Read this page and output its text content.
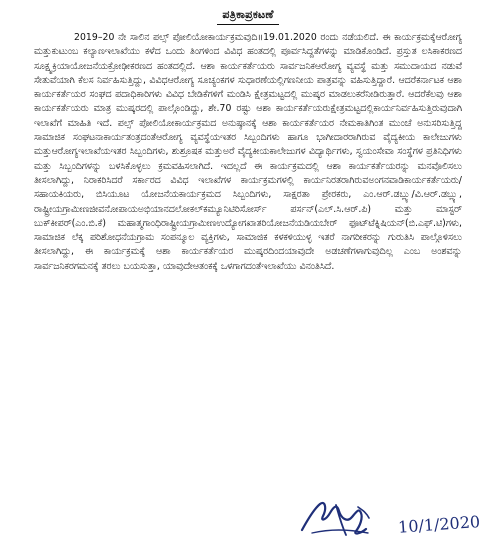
ಪತ್ರಿಕಾಪ್ರಕಟಣೆ

2019–20 ನೇ ಸಾಲಿನ ಪಲ್ಸ್ ಪೋಲಿಯೋಕಾರ್ಯಕ್ರಮವುದಿ॥19.01.2020 ರಂದು ನಡೆಯಲಿದೆ. ಈ ಕಾರ್ಯಕ್ರಮಕ್ಕೆಆರೋಗ್ಯ ಮತ್ತುಕುಟುಂಬ ಕಲ್ಯಾಣಇಲಾಖೆಯು ಕಳೆದ ಒಂದು ತಿಂಗಳಿಂದ ವಿವಿಧ ಹಂತದಲ್ಲಿ ಪೂರ್ವಸಿದ್ದತೆಗಳನ್ನು ಮಾಡಿಕೊಂಡಿದೆ. ಪ್ರಸ್ತುತ ಲಸಿಕಾಕರಣದ ಸೂಕ್ಷ್ಮಕ್ರಿಯಾಯೋಜನೆಯಕ್ರೋಢೀಕರಣದ ಹಂತದಲ್ಲಿದೆ. ಆಶಾ ಕಾರ್ಯಕರ್ತೆಯರು ಸಾರ್ವಜನಿಕಆರೋಗ್ಯ ವ್ಯವಸ್ಥೆ ಮತ್ತು ಸಮುದಾಯದ ನಡುವೆ ಸೇತುವೆಯಾಗಿ ಕೆಲಸ ನಿರ್ವಹಿಸುತ್ತಿದ್ದು, ವಿವಿಧಆರೋಗ್ಯ ಸೂಚ್ಯಂಕಗಳ ಸುಧಾರಣೆಯಲ್ಲಿಗಣನೀಯ ಪಾತ್ರವನ್ನು ವಹಿಸುತ್ತಿದ್ದಾರೆ. ಆದರೆಕರ್ನಾಟಕ ಆಶಾ ಕಾರ್ಯಕರ್ತೆಯರ ಸಂಘದ ಪದಾಧಿಕಾರಿಗಳು ವಿವಿಧ ಬೇಡಿಕೆಗಳಿಗೆ ಮಂಡಿಸಿ ಕ್ಷೇತ್ರಮಟ್ಟದಲ್ಲಿ ಮುಷ್ಕರ ಮಾಡಲುಕರೆನೀಡಿರುತ್ತಾರೆ. ಆದರೆಕೆಲವು ಆಶಾ ಕಾರ್ಯಕರ್ತೆಯರು ಮಾತ್ರ ಮುಷ್ಕರದಲ್ಲಿ ಪಾಲ್ಗೊಂಡಿದ್ದು, ಶೇ.70 ರಷ್ಟು ಆಶಾ ಕಾರ್ಯಕರ್ತೆಯರುಕ್ಷೇತ್ರಮಟ್ಟದಲ್ಲಿಕಾರ್ಯನಿರ್ವಹಿಸುತ್ತಿರುವುದಾಗಿ ಇಲಾಖೆಗೆ ಮಾಹಿತಿ ಇದೆ. ಪಲ್ಸ್ ಪೋಲಿಯೋಕಾರ್ಯಕ್ರಮದ ಅನುಷ್ಠಾನಕ್ಕೆ ಆಶಾ ಕಾರ್ಯಕರ್ತೆಯರ ನೇಮಕಾತಿಗಿಂತ ಮುಂಚೆ ಅನುಸರಿಸುತ್ತಿದ್ದ ಸಾಮಾಜಿಕ ಸಂಘಟನಾಕಾರ್ಯತಂತ್ರದಂತೆಆರೋಗ್ಯ ವ್ಯವಸ್ಥೆಯಇತರ ಸಿಬ್ಬಂದಿಗಳು ಹಾಗೂ ಭಾಗೀದಾರರಾಗಿರುವ ವೈದ್ಯಕೀಯ ಕಾಲೇಜುಗಳು ಮತ್ತುಆರೋಗ್ಯಇಲಾಖೆಯಇತರ ಸಿಬ್ಬಂದಿಗಳು, ಶುಶ್ರೂಷಕ ಮತ್ತುಅರೆ ವೈದ್ಯಕೀಯಕಾಲೇಜುಗಳ ವಿದ್ಯಾರ್ಥಿಗಳು, ಸ್ವಯಂಸೇವಾ ಸಂಸ್ಥೆಗಳ ಪ್ರತಿನಿಧಿಗಳು ಮತ್ತು ಸಿಬ್ಬಂದಿಗಳನ್ನು ಬಳಸಿಕೊಳ್ಳಲು ಕ್ರಮವಹಿಸಲಾಗಿದೆ. ಇದಲ್ಲದೆ ಈ ಕಾರ್ಯಕ್ರಮದಲ್ಲಿ ಆಶಾ ಕಾರ್ಯಕರ್ತೆಯರನ್ನು ಮನವೊಲಿಸಲು ತೀಸಲಾಗಿದ್ದು, ನಿರಾಕರಿಸಿದರೆ ಸರ್ಕಾರದ ವಿವಿಧ ಇಲಾಖೆಗಳ ಕಾರ್ಯಕ್ರಮಗಳಲ್ಲಿ ಕಾರ್ಯನಿರತರಾಗಿರುವಅಂಗನವಾಡಿಕಾರ್ಯಕರ್ತೆಯರು/ಸಹಾಯಕಿಯರು, ಬಿಸಿಯೂಟ ಯೋಜನೆಯಕಾರ್ಯಕ್ರಮದ ಸಿಬ್ಬಂದಿಗಳು, ಸಾಕ್ಷರತಾ ಪ್ರೇರಕರು, ಎಂ.ಆರ್.ಡಬ್ಲ್ಯು/ವಿ.ಆರ್.ಡಬ್ಲ್ಯು, ರಾಷ್ಟ್ರೀಯಗ್ರಾಮೀಣಜೀವನೋಪಾಯಅಭಿಯಾನದಲೋಕಲ್‌ಕಮ್ಯೂನಿಟಿರಿಸೋರ್ಸ್ ಪರ್ಸನ್(ಎಲ್.ಸಿ.ಆರ್.ಪಿ) ಮತ್ತು ಮಾಸ್ಟರ್ ಬುಕ್‌ಕೀಪರ್(ಎಂ.ಬಿ.ಕೆ) ಮಹಾತ್ಮಗಾಂಧಿರಾಷ್ಟ್ರೀಯಗ್ರಾಮೀಣಉದ್ಯೋಗಖಾತರಿಯೋಜನೆಯಡಿಯಬೇರ್ ಫೂಟ್‌ಟೆಕ್ನಿಷಿಯನ್(ಬಿ.ಎಫ್.ಟಿ)ಗಳು, ಸಾಮಾಜಿಕ ಲೆಕ್ಕ ಪರಿಶೋಧನೆಯಗ್ರಾಮ ಸಂಪನ್ಮೂಲ ವ್ಯಕ್ತಿಗಳು, ಸಾಮಾಜಿಕ ಕಳಕಳಿಯುಳ್ಳ ಇತರೆ ನಾಗರೀಕರನ್ನು ಗುರುತಿಸಿ ಪಾಲ್ಗೊಳಿಸಲು ತೀಸಲಾಗಿದ್ದು, ಈ ಕಾರ್ಯಕ್ರಮಕ್ಕೆ ಆಶಾ ಕಾರ್ಯಕರ್ತೆಯರ ಮುಷ್ಕರದಿಂದಯಾವುದೇ ಅಡಚಣೆಗಳಾಗುವುದಿಲ್ಲ ಎಂಬ ಅಂಶವನ್ನು ಸಾರ್ವಜನಿಕರಗಮನಕ್ಕೆ ತರಲು ಬಯಸುತ್ತಾ, ಯಾವುದೇಆತಂಕಕ್ಕೆ ಒಳಗಾಗದಂತೆಇಲಾಖೆಯು ವಿನಂತಿಸಿದೆ.

10/1/2020
